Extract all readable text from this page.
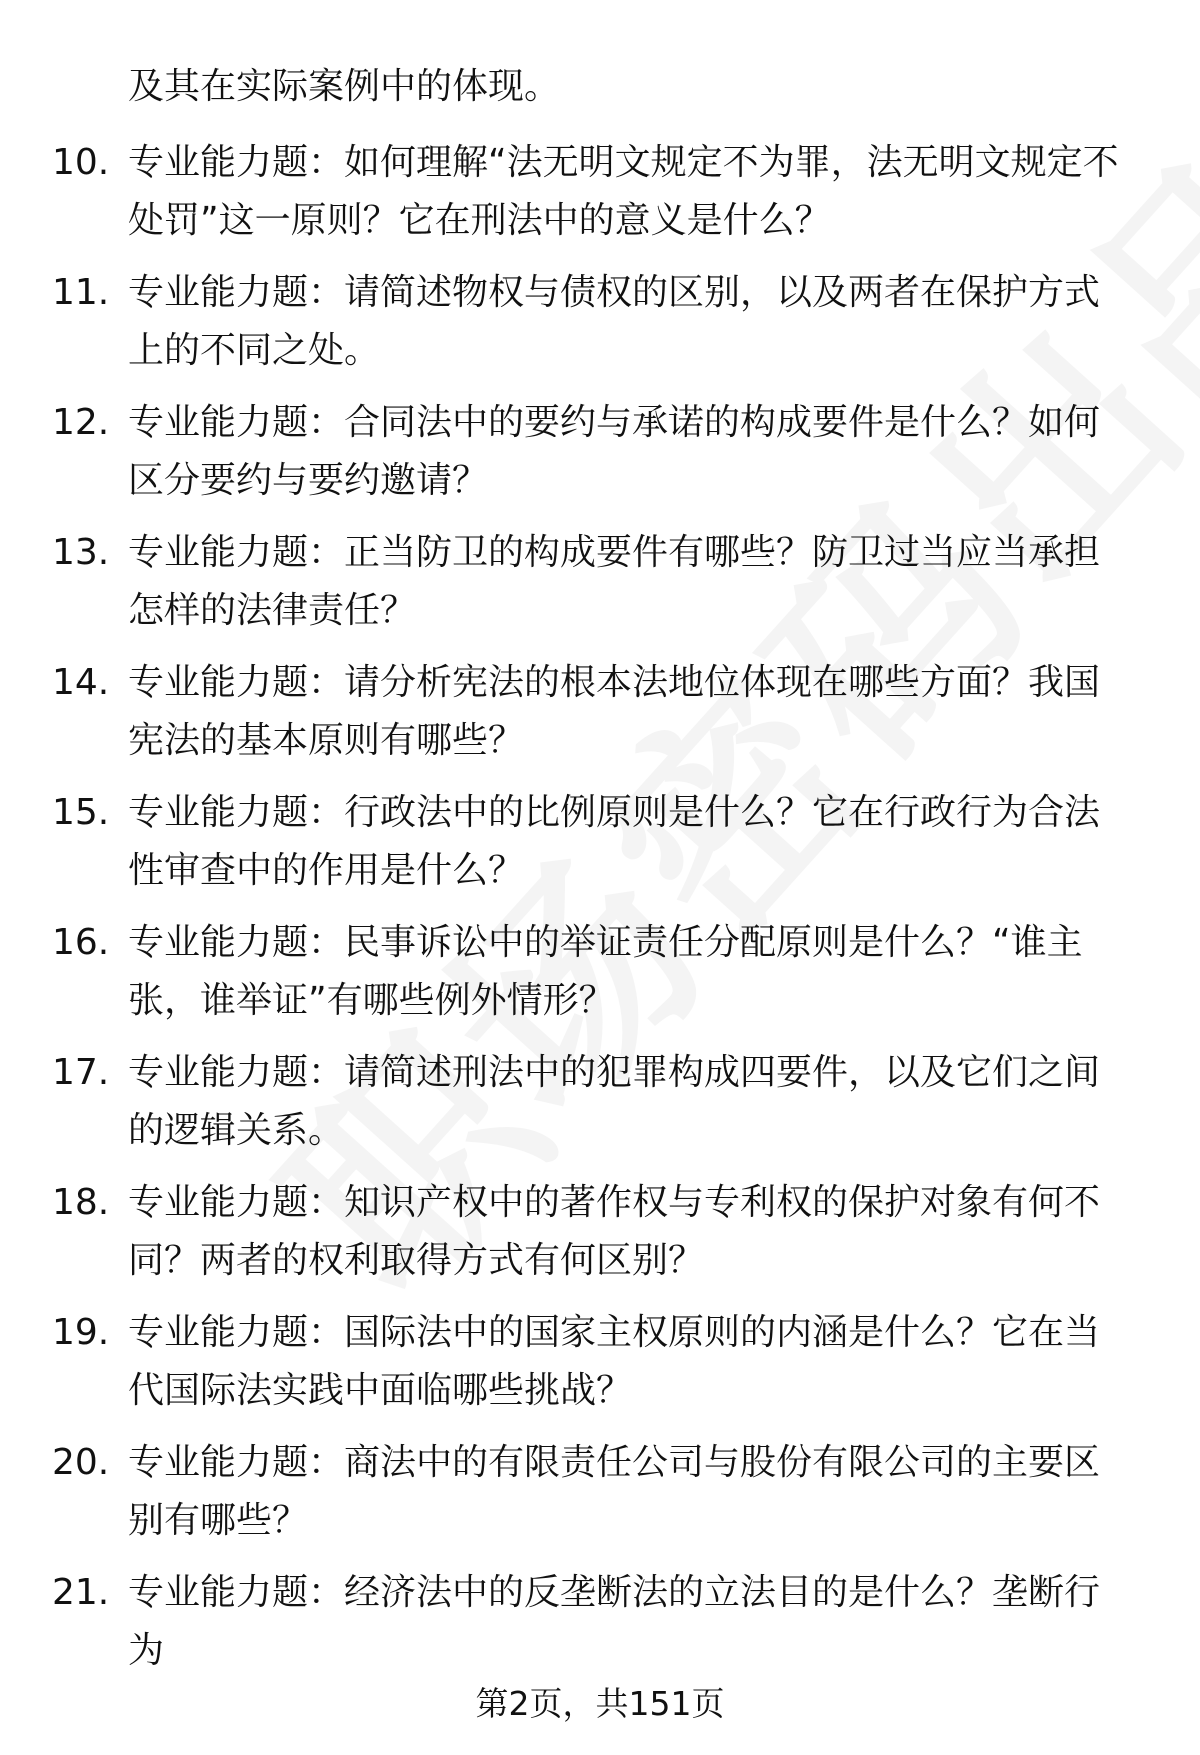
及其在实际案例中的体现。

10. 专业能力题：如何理解“法无明文规定不为罪，法无明文规定不处罚”这一原则？它在刑法中的意义是什么？
11. 专业能力题：请简述物权与债权的区别，以及两者在保护方式上的不同之处。
12. 专业能力题：合同法中的要约与承诺的构成要件是什么？如何区分要约与要约邀请？
13. 专业能力题：正当防卫的构成要件有哪些？防卫过当应当承担怎样的法律责任？
14. 专业能力题：请分析宪法的根本法地位体现在哪些方面？我国宪法的基本原则有哪些？
15. 专业能力题：行政法中的比例原则是什么？它在行政行为合法性审查中的作用是什么？
16. 专业能力题：民事诉讼中的举证责任分配原则是什么？“谁主张，谁举证”有哪些例外情形？
17. 专业能力题：请简述刑法中的犯罪构成四要件，以及它们之间的逻辑关系。
18. 专业能力题：知识产权中的著作权与专利权的保护对象有何不同？两者的权利取得方式有何区别？
19. 专业能力题：国际法中的国家主权原则的内涵是什么？它在当代国际法实践中面临哪些挑战？
20. 专业能力题：商法中的有限责任公司与股份有限公司的主要区别有哪些？
21. 专业能力题：经济法中的反垄断法的立法目的是什么？垄断行为
第2页，共151页
